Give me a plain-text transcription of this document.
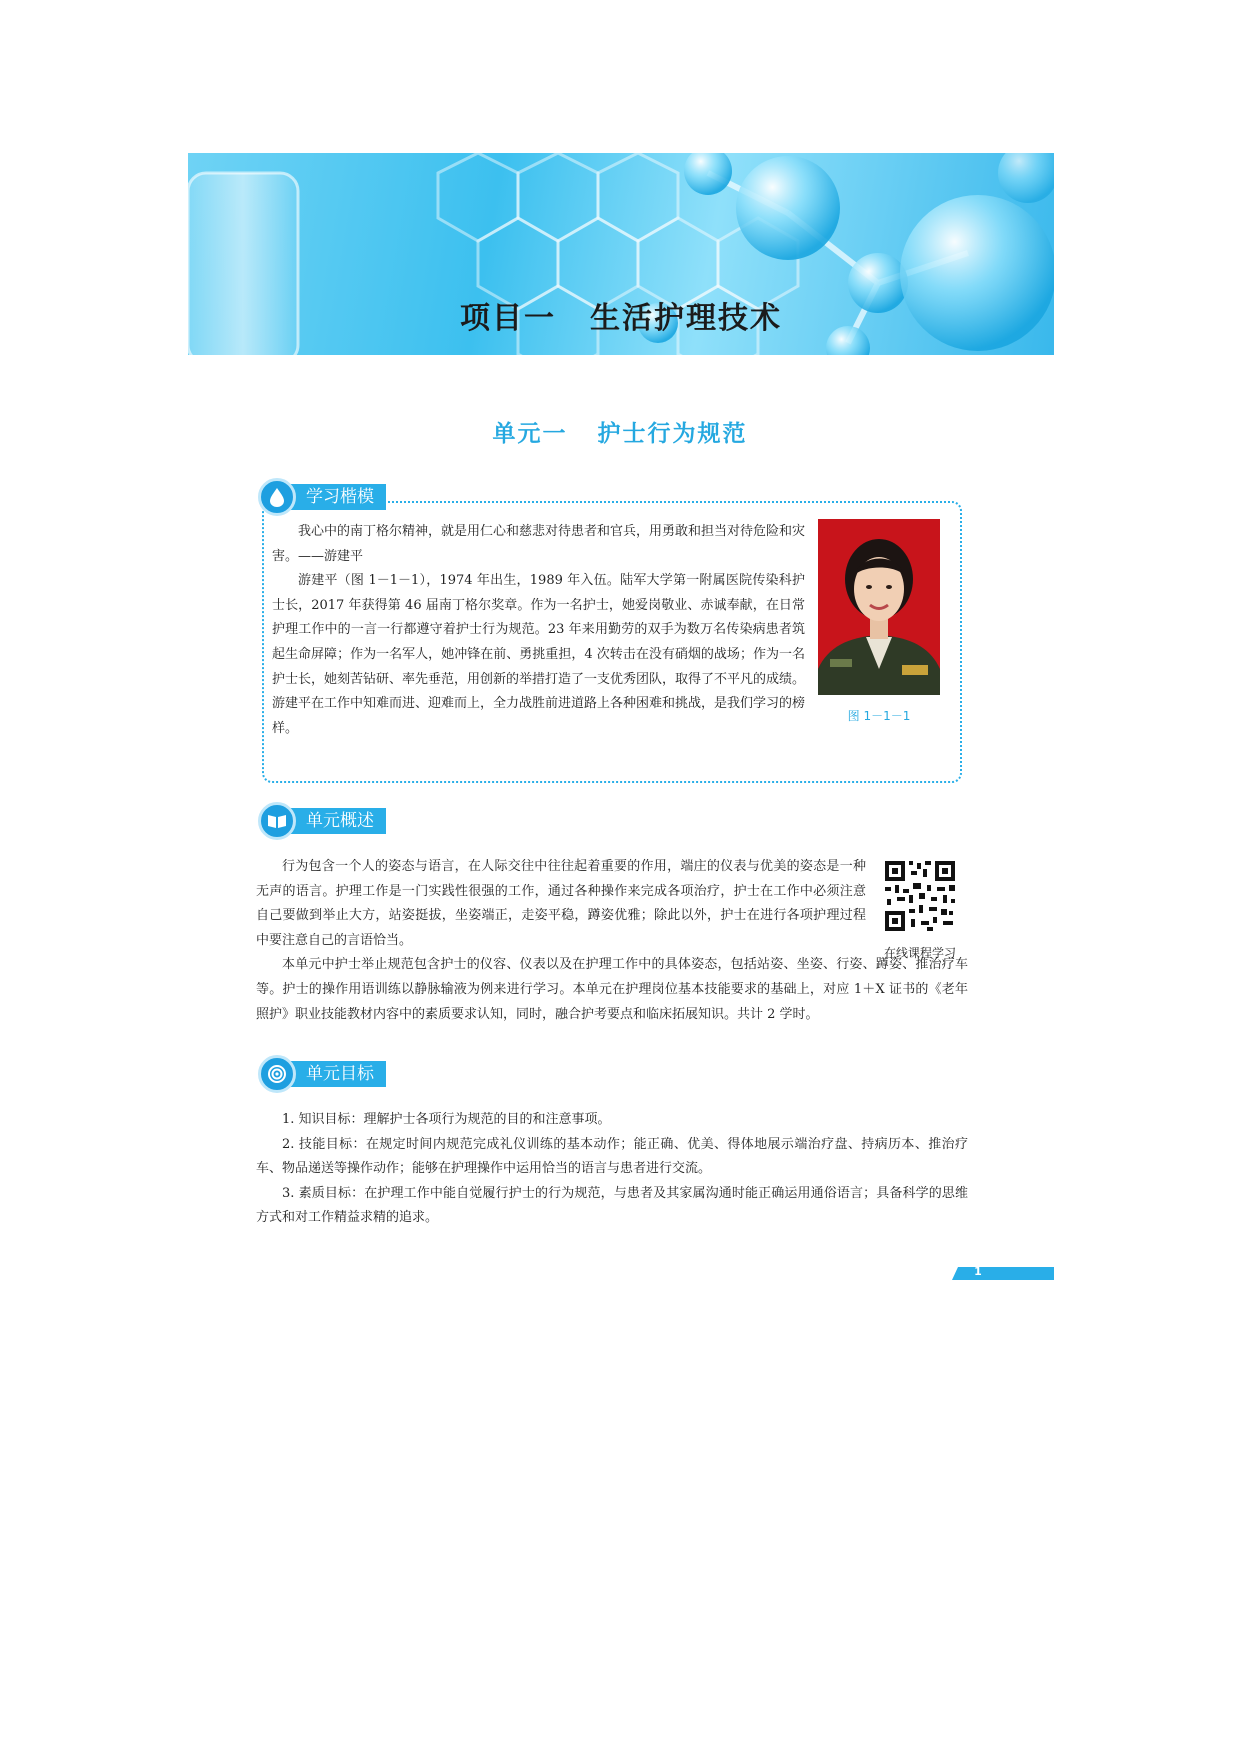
项目一 生活护理技术
单元一 护士行为规范
学习楷模

我心中的南丁格尔精神，就是用仁心和慈悲对待患者和官兵，用勇敢和担当对待危险和灾害。——游建平

游建平（图 1－1－1），1974 年出生，1989 年入伍。陆军大学第一附属医院传染科护士长，2017 年获得第 46 届南丁格尔奖章。作为一名护士，她爱岗敬业、赤诚奉献，在日常护理工作中的一言一行都遵守着护士行为规范。23 年来用勤劳的双手为数万名传染病患者筑起生命屏障；作为一名军人，她冲锋在前、勇挑重担，4 次转击在没有硝烟的战场；作为一名护士长，她刻苦钻研、率先垂范，用创新的举措打造了一支优秀团队，取得了不平凡的成绩。游建平在工作中知难而进、迎难而上，全力战胜前进道路上各种困难和挑战，是我们学习的榜样。

图 1－1－1
单元概述

行为包含一个人的姿态与语言，在人际交往中往往起着重要的作用，端庄的仪表与优美的姿态是一种无声的语言。护理工作是一门实践性很强的工作，通过各种操作来完成各项治疗，护士在工作中必须注意自己要做到举止大方，站姿挺拔，坐姿端正，走姿平稳，蹲姿优雅；除此以外，护士在进行各项护理过程中要注意自己的言语恰当。

本单元中护士举止规范包含护士的仪容、仪表以及在护理工作中的具体姿态，包括站姿、坐姿、行姿、蹲姿、推治疗车等。护士的操作用语训练以静脉输液为例来进行学习。本单元在护理岗位基本技能要求的基础上，对应 1＋X 证书的《老年照护》职业技能教材内容中的素质要求认知，同时，融合护考要点和临床拓展知识。共计 2 学时。

在线课程学习
单元目标

1. 知识目标：理解护士各项行为规范的目的和注意事项。

2. 技能目标：在规定时间内规范完成礼仪训练的基本动作；能正确、优美、得体地展示端治疗盘、持病历本、推治疗车、物品递送等操作动作；能够在护理操作中运用恰当的语言与患者进行交流。

3. 素质目标：在护理工作中能自觉履行护士的行为规范，与患者及其家属沟通时能正确运用通俗语言；具备科学的思维方式和对工作精益求精的追求。

1
